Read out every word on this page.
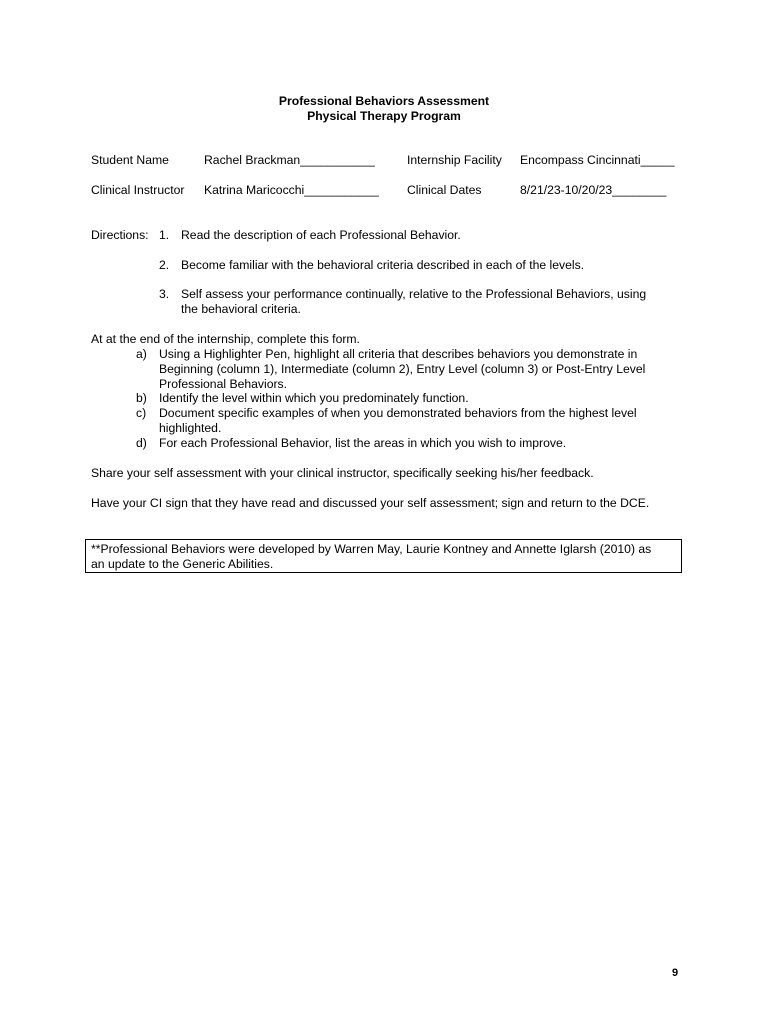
Professional Behaviors Assessment
Physical Therapy Program
Student Name	Rachel Brackman___________	Internship Facility Encompass Cincinnati_____
Clinical Instructor Katrina Maricocchi___________ Clinical Dates	8/21/23-10/20/23________
Directions: 1. Read the description of each Professional Behavior.
2. Become familiar with the behavioral criteria described in each of the levels.
3. Self assess your performance continually, relative to the Professional Behaviors, using
the behavioral criteria.
At at the end of the internship, complete this form.
a) Using a Highlighter Pen, highlight all criteria that describes behaviors you demonstrate in
Beginning (column 1), Intermediate (column 2), Entry Level (column 3) or Post-Entry Level
Professional Behaviors.
b) Identify the level within which you predominately function.
c) Document specific examples of when you demonstrated behaviors from the highest level
highlighted.
d) For each Professional Behavior, list the areas in which you wish to improve.
Share your self assessment with your clinical instructor, specifically seeking his/her feedback.
Have your CI sign that they have read and discussed your self assessment; sign and return to the DCE.
**Professional Behaviors were developed by Warren May, Laurie Kontney and Annette Iglarsh (2010) as
an update to the Generic Abilities.
9
